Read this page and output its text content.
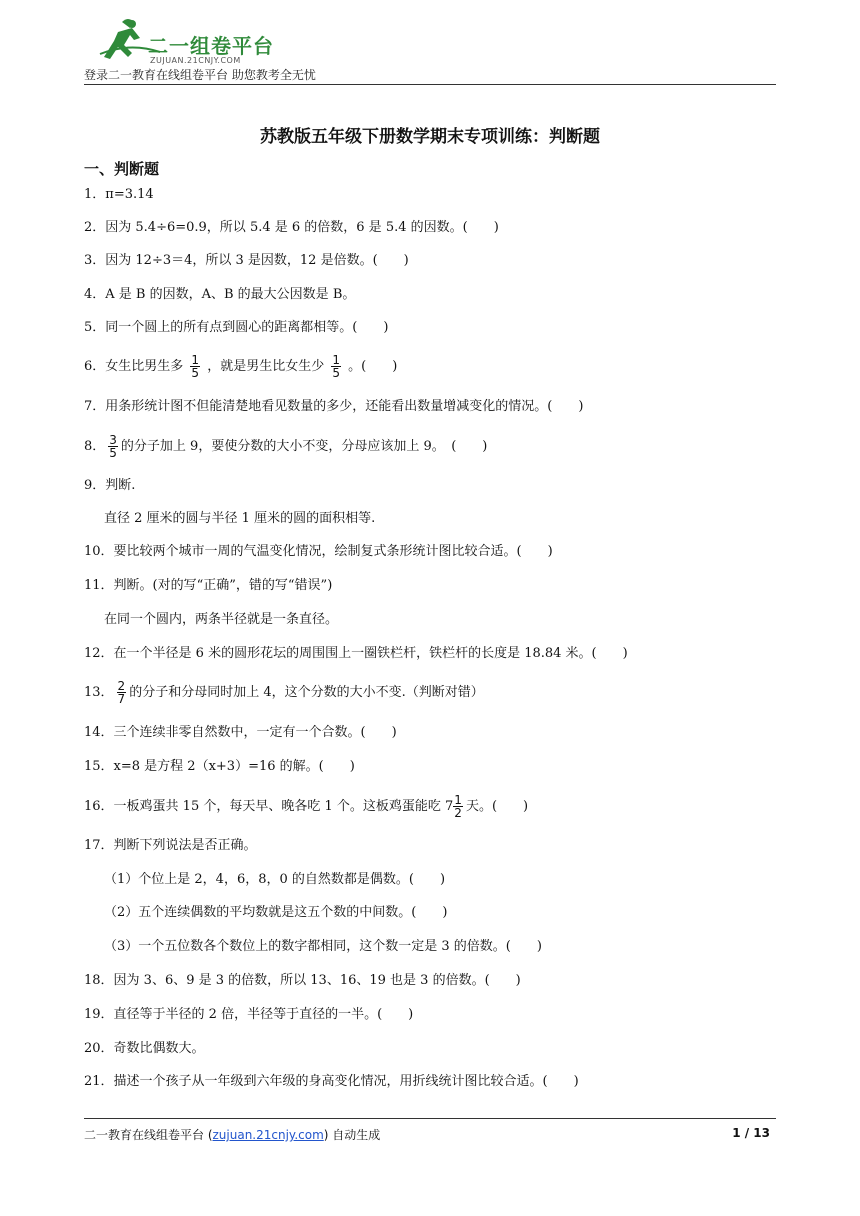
二一组卷平台
ZUJUAN.21CNJY.COM
登录二一教育在线组卷平台 助您教考全无忧
苏教版五年级下册数学期末专项训练：判断题
一、判断题
1．π=3.14
2．因为 5.4÷6=0.9，所以 5.4 是 6 的倍数，6 是 5.4 的因数。(　　)
3．因为 12÷3＝4，所以 3 是因数，12 是倍数。(　　)
4．A 是 B 的因数，A、B 的最大公因数是 B。
5．同一个圆上的所有点到圆心的距离都相等。(　　)
6．女生比男生多 $\frac{1}{5}$ ，就是男生比女生少 $\frac{1}{5}$ 。(　　)
7．用条形统计图不但能清楚地看见数量的多少，还能看出数量增减变化的情况。(　　)
8． $\frac{3}{5}$ 的分子加上 9，要使分数的大小不变，分母应该加上 9。　(　　)
9．判断.
直径 2 厘米的圆与半径 1 厘米的圆的面积相等.
10．要比较两个城市一周的气温变化情况，绘制复式条形统计图比较合适。(　　)
11．判断。(对的写“正确”，错的写“错误”)
在同一个圆内，两条半径就是一条直径。
12．在一个半径是 6 米的圆形花坛的周围围上一圈铁栏杆，铁栏杆的长度是 18.84 米。(　　)
13． $\frac{2}{7}$ 的分子和分母同时加上 4，这个分数的大小不变.（判断对错）
14．三个连续非零自然数中，一定有一个合数。(　　)
15．x=8 是方程 2（x+3）=16 的解。(　　)
16．一板鸡蛋共 15 个，每天早、晚各吃 1 个。这板鸡蛋能吃 $7 \frac{1}{2}$ 天。(　　)
17．判断下列说法是否正确。
（1）个位上是 2，4，6，8，0 的自然数都是偶数。(　　)
（2）五个连续偶数的平均数就是这五个数的中间数。(　　)
（3）一个五位数各个数位上的数字都相同，这个数一定是 3 的倍数。(　　)
18．因为 3、6、9 是 3 的倍数，所以 13、16、19 也是 3 的倍数。(　　)
19．直径等于半径的 2 倍，半径等于直径的一半。(　　)
20．奇数比偶数大。
21．描述一个孩子从一年级到六年级的身高变化情况，用折线统计图比较合适。(　　)
二一教育在线组卷平台 (zujuan.21cnjy.com) 自动生成	1 / 13
